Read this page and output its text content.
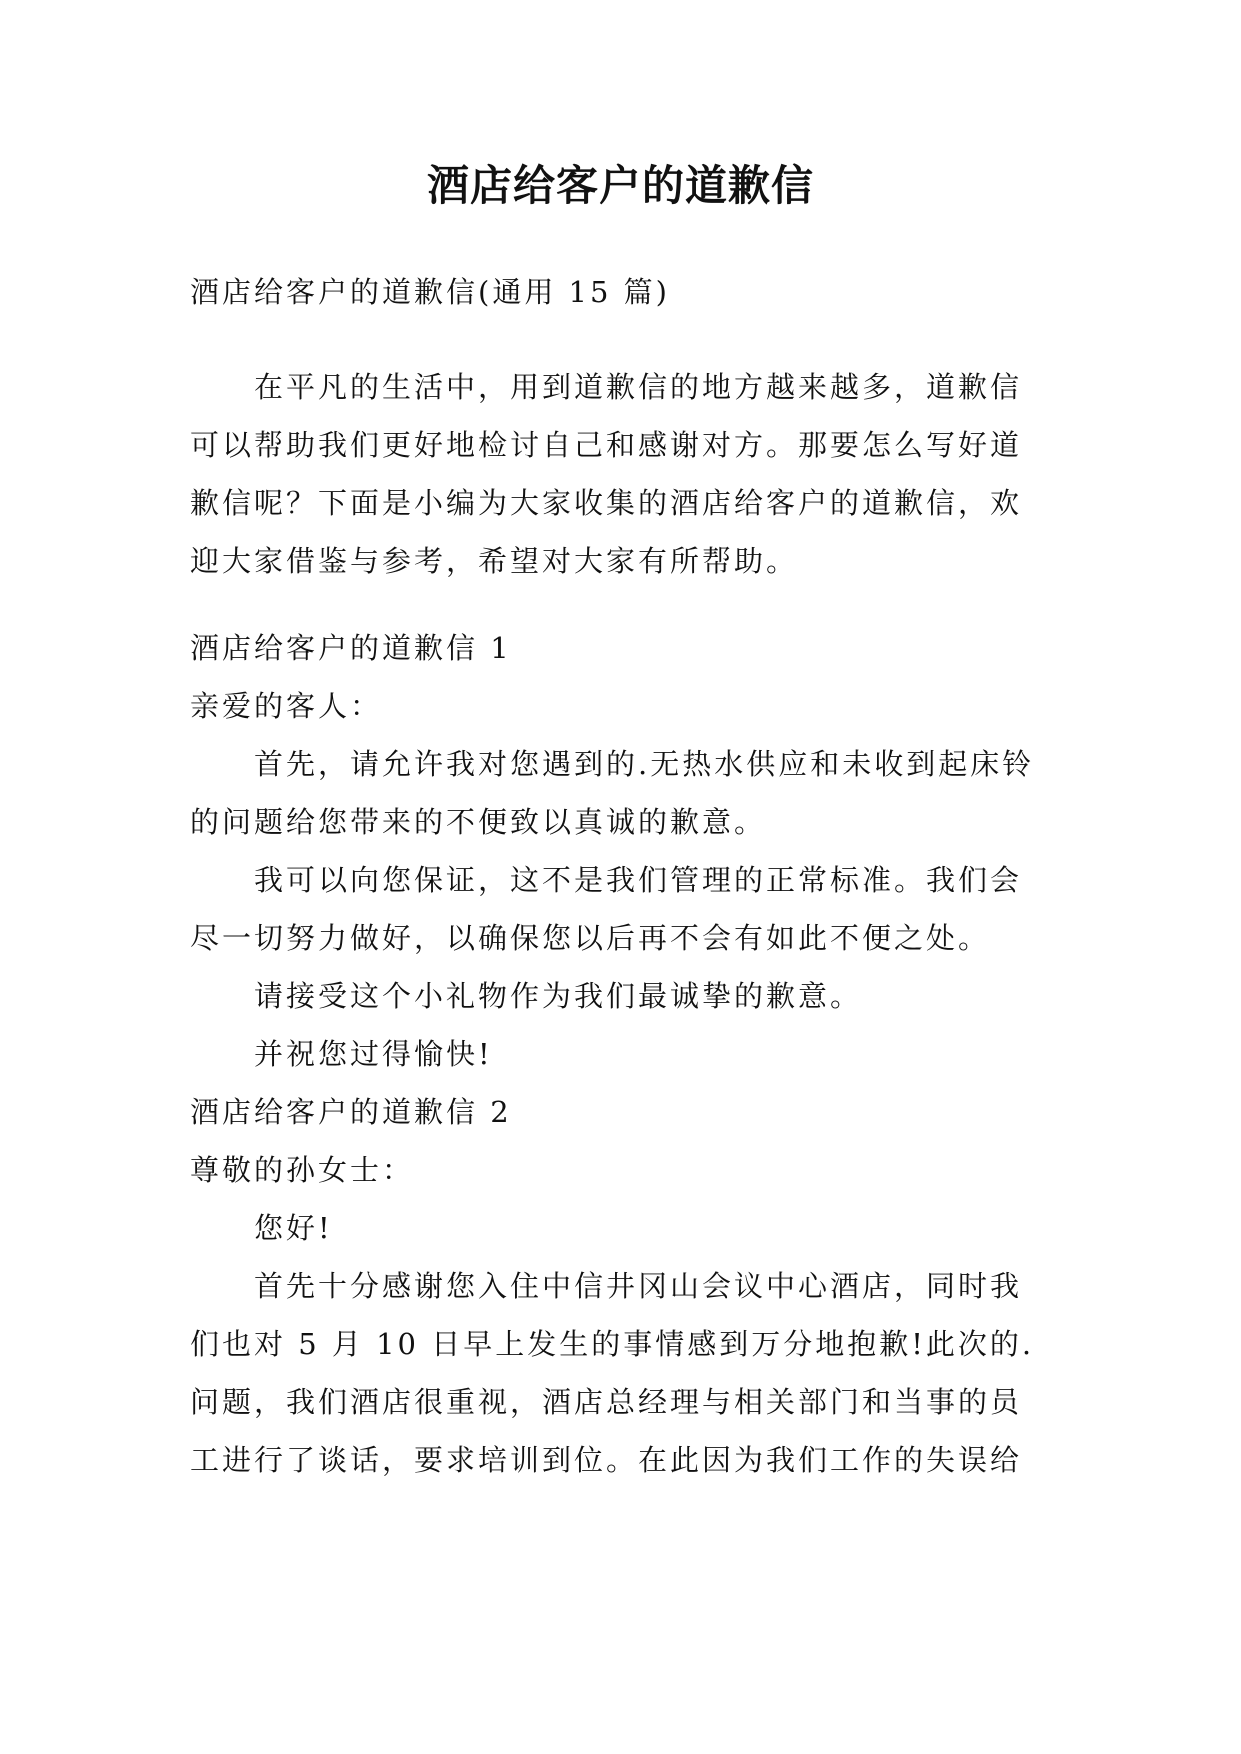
酒店给客户的道歉信

酒店给客户的道歉信(通用 15 篇)

在平凡的生活中，用到道歉信的地方越来越多，道歉信可以帮助我们更好地检讨自己和感谢对方。那要怎么写好道歉信呢？下面是小编为大家收集的酒店给客户的道歉信，欢迎大家借鉴与参考，希望对大家有所帮助。

酒店给客户的道歉信 1

亲爱的客人：

首先，请允许我对您遇到的.无热水供应和未收到起床铃的问题给您带来的不便致以真诚的歉意。

我可以向您保证，这不是我们管理的正常标准。我们会尽一切努力做好，以确保您以后再不会有如此不便之处。

请接受这个小礼物作为我们最诚挚的歉意。

并祝您过得愉快!

酒店给客户的道歉信 2

尊敬的孙女士：

您好!

首先十分感谢您入住中信井冈山会议中心酒店，同时我们也对 5 月 10 日早上发生的事情感到万分地抱歉!此次的.问题，我们酒店很重视，酒店总经理与相关部门和当事的员工进行了谈话，要求培训到位。在此因为我们工作的失误给
